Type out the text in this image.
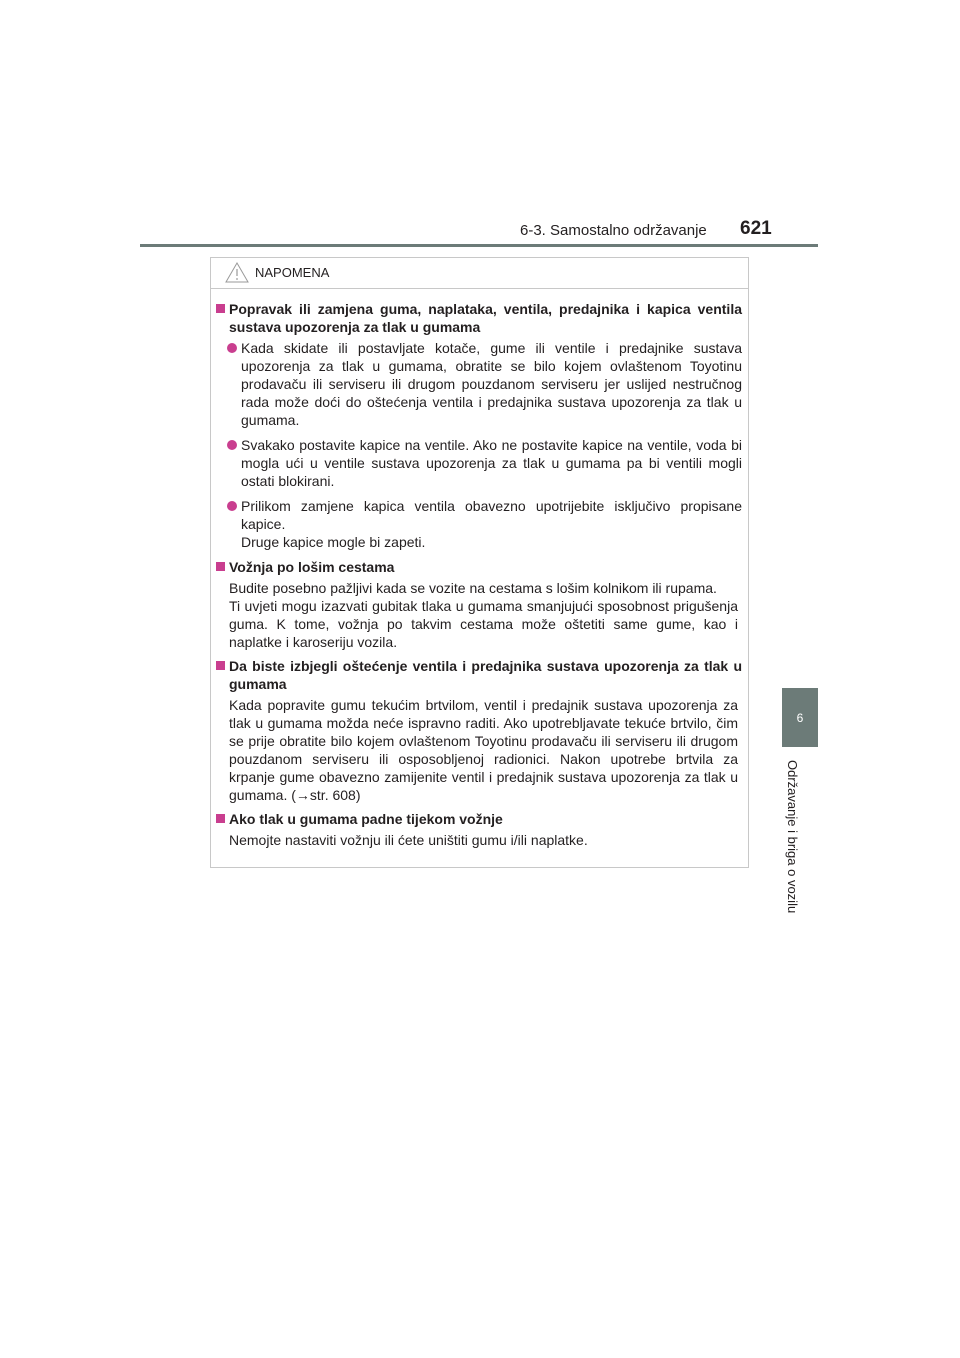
6-3. Samostalno održavanje 621
6
Održavanje i briga o vozilu
NAPOMENA
Popravak ili zamjena guma, naplataka, ventila, predajnika i kapica ventila sustava upozorenja za tlak u gumama
Kada skidate ili postavljate kotače, gume ili ventile i predajnike sustava upozorenja za tlak u gumama, obratite se bilo kojem ovlaštenom Toyotinu prodavaču ili serviseru ili drugom pouzdanom serviseru jer uslijed nestručnog rada može doći do oštećenja ventila i predajnika sustava upozorenja za tlak u gumama.
Svakako postavite kapice na ventile. Ako ne postavite kapice na ventile, voda bi mogla ući u ventile sustava upozorenja za tlak u gumama pa bi ventili mogli ostati blokirani.
Prilikom zamjene kapica ventila obavezno upotrijebite isključivo propisane kapice.
Druge kapice mogle bi zapeti.
Vožnja po lošim cestama
Budite posebno pažljivi kada se vozite na cestama s lošim kolnikom ili rupama.
Ti uvjeti mogu izazvati gubitak tlaka u gumama smanjujući sposobnost prigušenja guma. K tome, vožnja po takvim cestama može oštetiti same gume, kao i naplatke i karoseriju vozila.
Da biste izbjegli oštećenje ventila i predajnika sustava upozorenja za tlak u gumama
Kada popravite gumu tekućim brtvilom, ventil i predajnik sustava upozorenja za tlak u gumama možda neće ispravno raditi. Ako upotrebljavate tekuće brtvilo, čim se prije obratite bilo kojem ovlaštenom Toyotinu prodavaču ili serviseru ili drugom pouzdanom serviseru ili osposobljenoj radionici. Nakon upotrebe brtvila za krpanje gume obavezno zamijenite ventil i predajnik sustava upozorenja za tlak u gumama. (→str. 608)
Ako tlak u gumama padne tijekom vožnje
Nemojte nastaviti vožnju ili ćete uništiti gumu i/ili naplatke.
